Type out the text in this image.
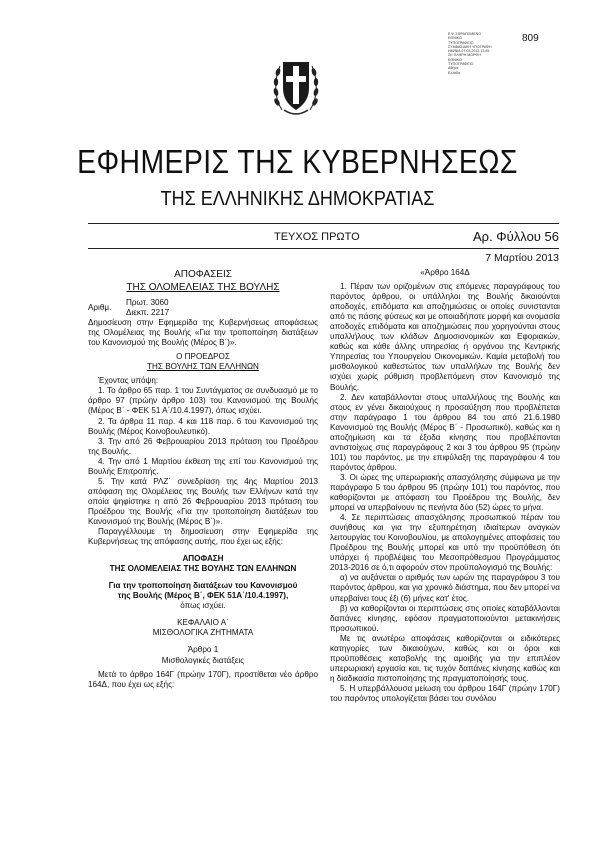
Ε.Ψ.ΣΦΡΑΓΙΣΜΕΝΟ
ΕΘΝΙΚΟ
ΤΥΠΟΓΡΑΦΕΙΟ
ΣΥΜΒΑΣΙΑΚΗ ΥΠΟΓΡΑΦΗ
ΗΜ/ΝΙΑ 07.03.2013 13:45
ΣΕ ΠΛΗΡΗ ΜΟΡΦΗ
ΕΘΝΙΚΟ
ΤΥΠΟΓΡΑΦΕΙΟ
Αθήνα
Ελλάδα
809
ΕΦΗΜΕΡΙΣ ΤΗΣ ΚΥΒΕΡΝΗΣΕΩΣ
ΤΗΣ ΕΛΛΗΝΙΚΗΣ ΔΗΜΟΚΡΑΤΙΑΣ
ΤΕΥΧΟΣ ΠΡΩΤΟ	Αρ. Φύλλου 56
7 Μαρτίου 2013
ΑΠΟΦΑΣΕΙΣ
ΤΗΣ ΟΛΟΜΕΛΕΙΑΣ ΤΗΣ ΒΟΥΛΗΣ
Αριθμ.
Πρωτ. 3060
Διεκπ. 2217
Δημοσίευση στην Εφημερίδα της Κυβερνήσεως αποφάσεως της Ολομέλειας της Βουλής «Για την τροποποίηση διατάξεων του Κανονισμού της Βουλής (Μέρος Β΄)».
Ο ΠΡΟΕΔΡΟΣ
ΤΗΣ ΒΟΥΛΗΣ ΤΩΝ ΕΛΛΗΝΩΝ
Έχοντας υπόψη:
1. Το άρθρο 65 παρ. 1 του Συντάγματος σε συνδυασμό με το άρθρο 97 (πρώην άρθρο 103) του Κανονισμού της Βουλής (Μέρος Β΄ - ΦΕΚ 51 Α΄/10.4.1997), όπως ισχύει.
2. Τα άρθρα 11 παρ. 4 και 118 παρ. 6 του Κανονισμού της Βουλής (Μέρος Κοινοβουλευτικό).
3. Την από 26 Φεβρουαρίου 2013 πρόταση του Προέδρου της Βουλής.
4. Την από 1 Μαρτίου έκθεση της επί του Κανονισμού της Βουλής Επιτροπής.
5. Την κατά ΡΛΖ΄ συνεδρίαση της 4ης Μαρτίου 2013 απόφαση της Ολομέλειας της Βουλής των Ελλήνων κατά την οποία ψηφίστηκε η από 26 Φεβρουαρίου 2013 πρόταση του Προέδρου της Βουλής «Για την τροποποίηση διατάξεων του Κανονισμού της Βουλής (Μέρος Β΄)».
Παραγγέλλουμε τη δημοσίευση στην Εφημερίδα της Κυβερνήσεως της απόφασης αυτής, που έχει ως εξής:
ΑΠΟΦΑΣΗ
ΤΗΣ ΟΛΟΜΕΛΕΙΑΣ ΤΗΣ ΒΟΥΛΗΣ ΤΩΝ ΕΛΛΗΝΩΝ
Για την τροποποίηση διατάξεων του Κανονισμού
της Βουλής (Μέρος Β΄, ΦΕΚ 51Α΄/10.4.1997),
όπως ισχύει.
ΚΕΦΑΛΑΙΟ Α΄
ΜΙΣΘΟΛΟΓΙΚΑ ΖΗΤΗΜΑΤΑ
Άρθρο 1
Μισθολογικές διατάξεις
Μετά το άρθρο 164Γ (πρώην 170Γ), προστίθεται νέο άρθρο 164Δ, που έχει ως εξής:
«Άρθρο 164Δ
1. Πέραν των οριζομένων στις επόμενες παραγράφους του παρόντος άρθρου, οι υπάλληλοι της Βουλής δικαιούνται αποδοχές, επιδόματα και αποζημιώσεις οι οποίες συνιστανται από τις πάσης φύσεως και με οποιαδήποτε μορφή και ονομασία αποδοχές επιδόματα και αποζημιώσεις που χορηγούνται στους υπαλλήλους των κλάδων Δημοσιονομικών και Εφοριακών, καθώς και κάθε άλλης υπηρεσίας ή οργάνου της Κεντρικής Υπηρεσίας του Υπουργείου Οικονομικών. Καμία μεταβολή του μισθολογικού καθεστώτος των υπαλλήλων της Βουλής δεν ισχύει χωρίς ρύθμιση προβλεπόμενη στον Κανονισμό της Βουλής.
2. Δεν καταβάλλονται στους υπαλλήλους της Βουλής και στους εν γένει δικαιούχους η προσαύξηση που προβλέπεται στην παράγραφο 1 του άρθρου 84 του από 21.6.1980 Κανονισμού της Βουλής (Μέρος Β΄ - Προσωπικό), καθώς και η αποζημίωση και τα έξοδα κίνησης που προβλέπονται αντιστοίχως στις παραγράφους 2 και 3 του άρθρου 95 (πρώην 101) του παρόντος, με την επιφύλαξη της παραγράφου 4 του παρόντος άρθρου.
3. Οι ώρες της υπερωριακής απασχόλησης σύμφωνα με την παράγραφο 5 του άρθρου 95 (πρώην 101) του παρόντος, που καθορίζονται με απόφαση του Προέδρου της Βουλής, δεν μπορεί να υπερβαίνουν τις πενήντα δύο (52) ώρες το μήνα.
4. Σε περιπτώσεις απασχόλησης προσωπικού πέραν του συνήθους και για την εξυπηρέτηση ιδιαίτερων αναγκών λειτουργίας του Κοινοβουλίου, με απολογημένες αποφάσεις του Προέδρου της Βουλής μπορεί και υπό την προϋπόθεση ότι υπάρχει ή προβλέψεις του Μεσοπρόθεσμου Προγράμματος 2013-2016 σε ό,τι αφορούν στον προϋπολογισμό της Βουλής:
α) να αυξάνεται ο αριθμός των ωρών της παραγράφου 3 του παρόντος άρθρου, και για χρονικό διάστημα, που δεν μπορεί να υπερβαίνει τους έξι (6) μήνες κατ' έτος.
β) να καθορίζονται οι περιπτώσεις στις οποίες καταβάλλονται δαπάνες κίνησης, εφόσον πραγματοποιούνται μετακινήσεις προσωπικού.
Με τις ανωτέρω αποφάσεις καθορίζονται οι ειδικότερες κατηγορίες των δικαιούχων, καθώς και οι όροι και προϋποθέσεις καταβολής της αμοιβής για την επιπλέον υπερωριακή εργασία και, τις τυχόν δαπάνες κίνησης καθώς και η διαδικασία πιστοποίησης της πραγματοποίησής τους.
5. Η υπερβάλλουσα μείωση του άρθρου 164Γ (πρώην 170Γ) του παρόντος υπολογίζεται βάσει του συνόλου
